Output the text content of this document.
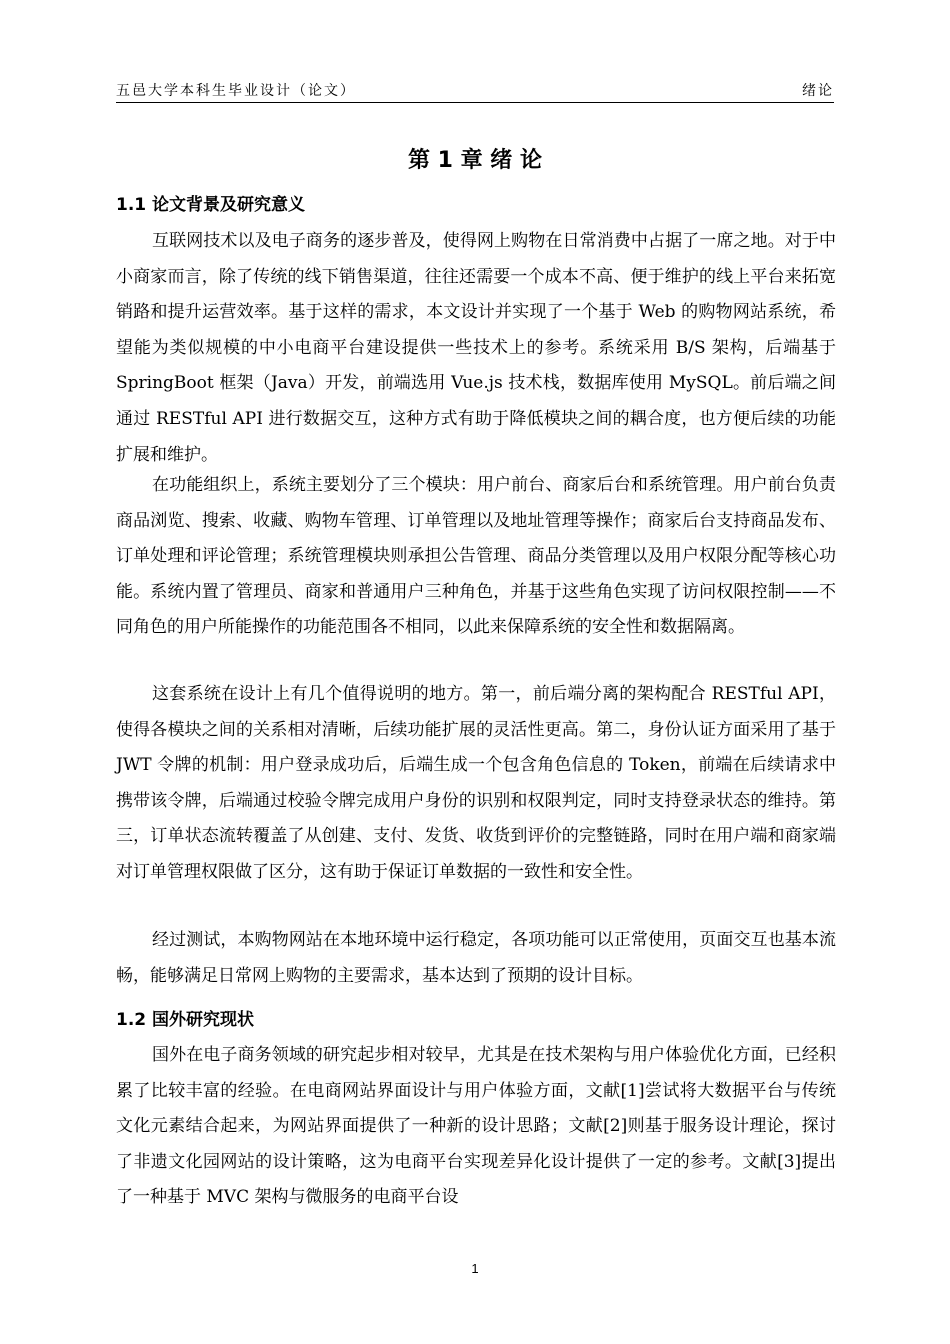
五邑大学本科生毕业设计（论文）	绪论
第 1 章 绪 论
1.1 论文背景及研究意义

互联网技术以及电子商务的逐步普及，使得网上购物在日常消费中占据了一席之地。对于中小商家而言，除了传统的线下销售渠道，往往还需要一个成本不高、便于维护的线上平台来拓宽销路和提升运营效率。基于这样的需求，本文设计并实现了一个基于 Web 的购物网站系统，希望能为类似规模的中小电商平台建设提供一些技术上的参考。系统采用 B/S 架构，后端基于 SpringBoot 框架（Java）开发，前端选用 Vue.js 技术栈，数据库使用 MySQL。前后端之间通过 RESTful API 进行数据交互，这种方式有助于降低模块之间的耦合度，也方便后续的功能扩展和维护。

在功能组织上，系统主要划分了三个模块：用户前台、商家后台和系统管理。用户前台负责商品浏览、搜索、收藏、购物车管理、订单管理以及地址管理等操作；商家后台支持商品发布、订单处理和评论管理；系统管理模块则承担公告管理、商品分类管理以及用户权限分配等核心功能。系统内置了管理员、商家和普通用户三种角色，并基于这些角色实现了访问权限控制——不同角色的用户所能操作的功能范围各不相同，以此来保障系统的安全性和数据隔离。

这套系统在设计上有几个值得说明的地方。第一，前后端分离的架构配合 RESTful API，使得各模块之间的关系相对清晰，后续功能扩展的灵活性更高。第二，身份认证方面采用了基于 JWT 令牌的机制：用户登录成功后，后端生成一个包含角色信息的 Token，前端在后续请求中携带该令牌，后端通过校验令牌完成用户身份的识别和权限判定，同时支持登录状态的维持。第三，订单状态流转覆盖了从创建、支付、发货、收货到评价的完整链路，同时在用户端和商家端对订单管理权限做了区分，这有助于保证订单数据的一致性和安全性。

经过测试，本购物网站在本地环境中运行稳定，各项功能可以正常使用，页面交互也基本流畅，能够满足日常网上购物的主要需求，基本达到了预期的设计目标。

1.2 国外研究现状

国外在电子商务领域的研究起步相对较早，尤其是在技术架构与用户体验优化方面，已经积累了比较丰富的经验。在电商网站界面设计与用户体验方面，文献[1]尝试将大数据平台与传统文化元素结合起来，为网站界面提供了一种新的设计思路；文献[2]则基于服务设计理论，探讨了非遗文化园网站的设计策略，这为电商平台实现差异化设计提供了一定的参考。文献[3]提出了一种基于 MVC 架构与微服务的电商平台设

1
